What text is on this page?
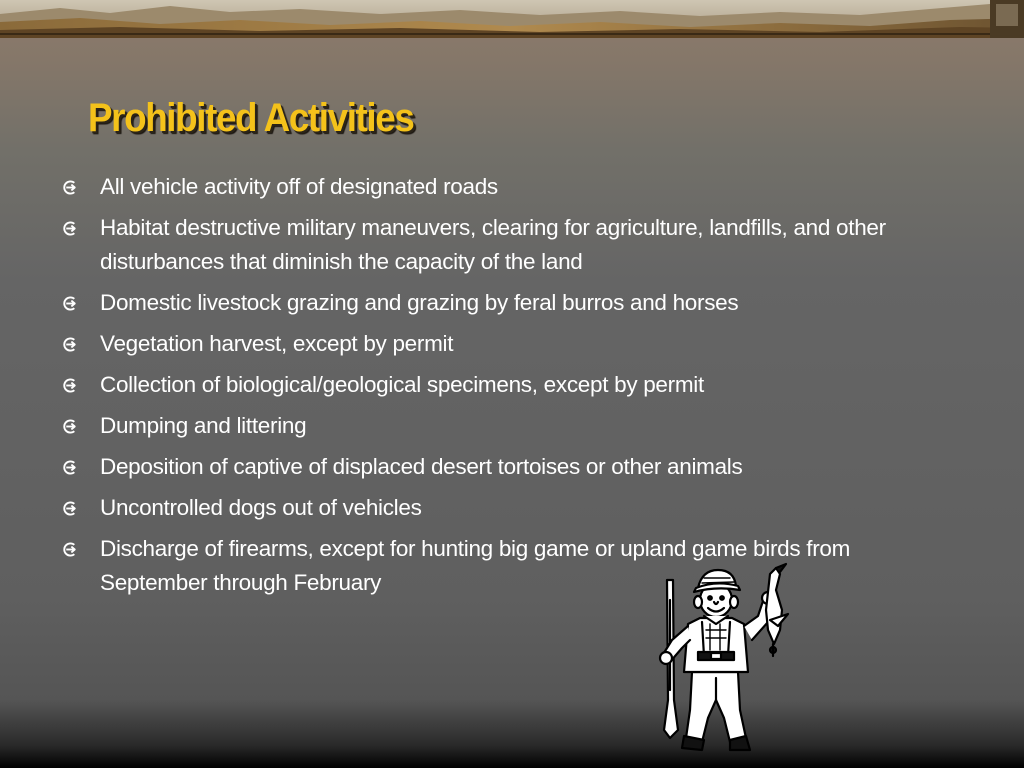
Prohibited Activities
All vehicle activity off of designated roads
Habitat destructive military maneuvers, clearing for agriculture, landfills, and other disturbances that diminish the capacity of the land
Domestic livestock grazing and grazing by feral burros and horses
Vegetation harvest, except by permit
Collection of biological/geological specimens, except by permit
Dumping and littering
Deposition of captive of displaced desert tortoises or other animals
Uncontrolled dogs out of vehicles
Discharge of firearms, except for hunting big game or upland game birds from September through February
